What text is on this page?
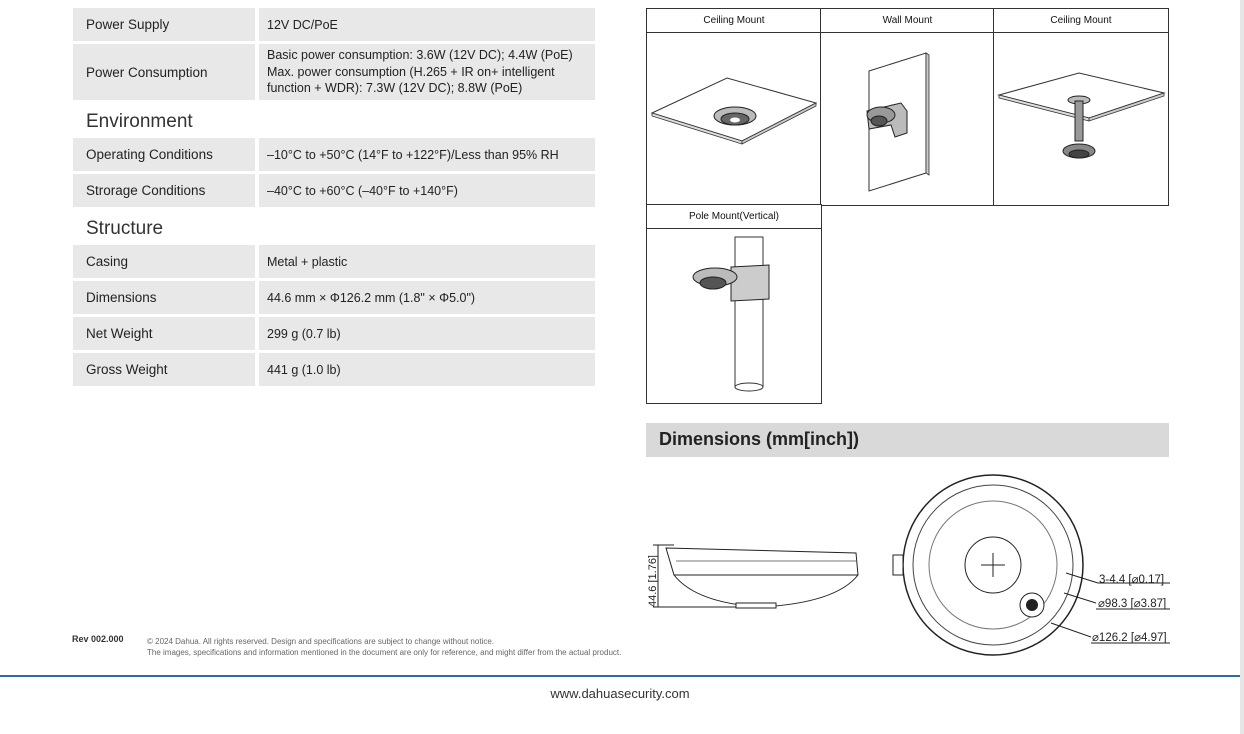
Power Supply	12V DC/PoE
Power Consumption
Basic power consumption: 3.6W (12V DC); 4.4W (PoE)
Max. power consumption (H.265 + IR on+ intelligent
function + WDR): 7.3W (12V DC); 8.8W (PoE)
Environment
Operating Conditions	–10°C to +50°C (14°F to +122°F)/Less than 95% RH
Strorage Conditions	–40°C to +60°C (–40°F to +140°F)
Structure
Casing	Metal + plastic
Dimensions	44.6 mm × Φ126.2 mm (1.8" × Φ5.0")
Net Weight	299 g (0.7 lb)
Gross Weight	441 g (1.0 lb)
Ceiling Mount	Wall Mount	Ceiling Mount
Pole Mount(Vertical)
Dimensions (mm[inch])
44.6 [1.76]	3-4.4 [⌀0.17]
⌀98.3 [⌀3.87]
⌀126.2 [⌀4.97]
Rev 002.000	© 2024 Dahua. All rights reserved. Design and specifications are subject to change without notice.
The images, specifications and information mentioned in the document are only for reference, and might differ from the actual product.
www.dahuasecurity.com
